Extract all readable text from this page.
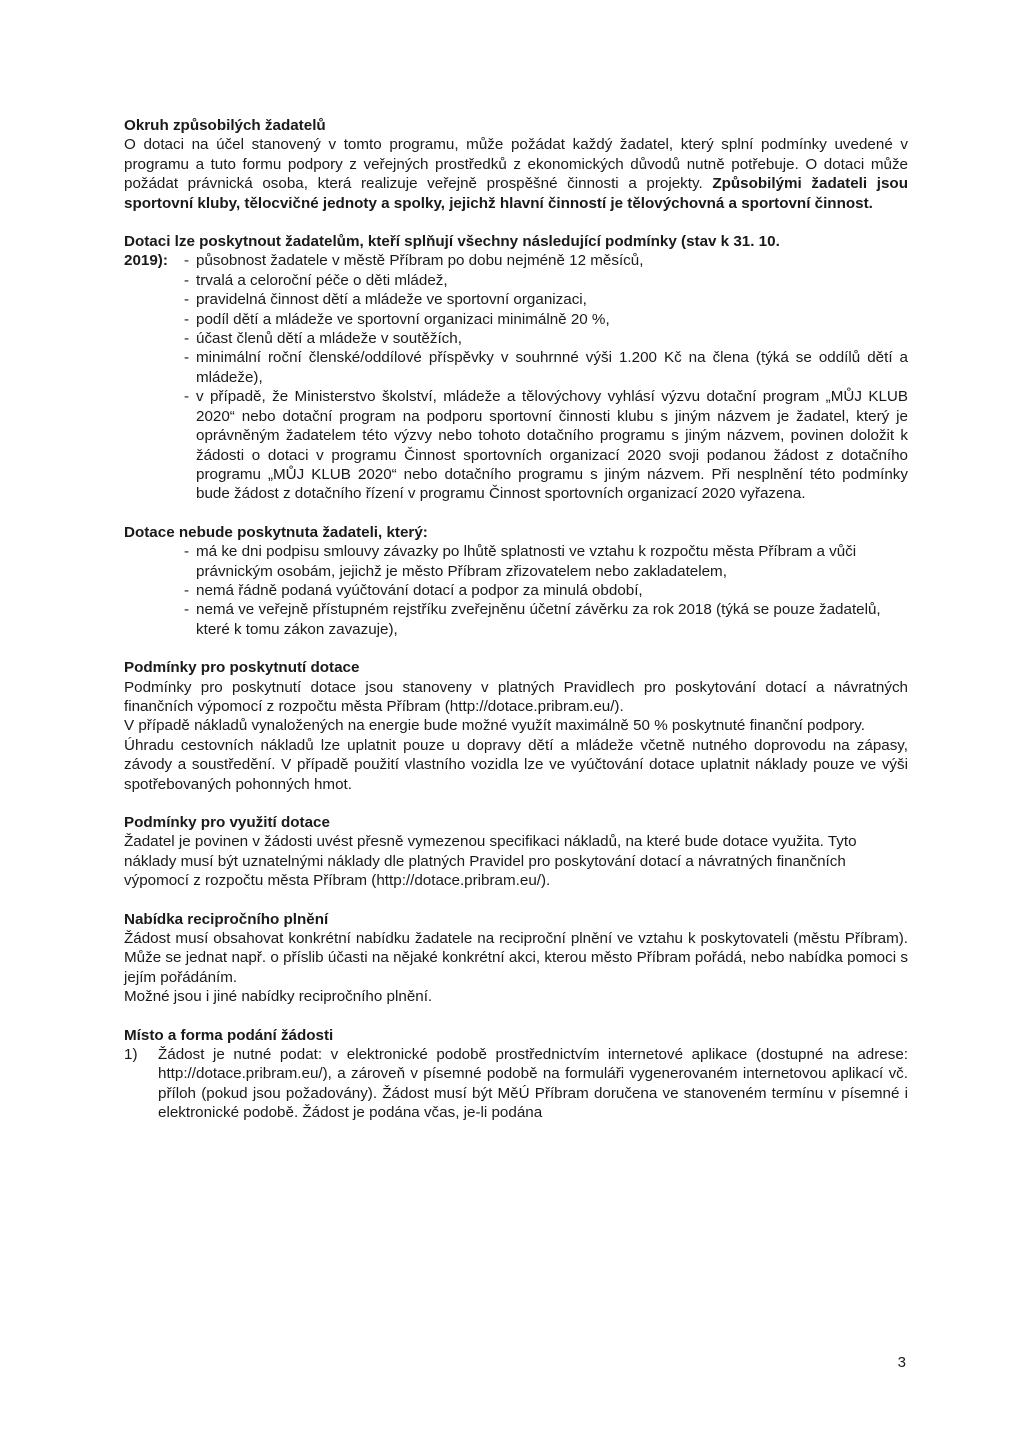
Okruh způsobilých žadatelů

O dotaci na účel stanovený v tomto programu, může požádat každý žadatel, který splní podmínky uvedené v programu a tuto formu podpory z veřejných prostředků z ekonomických důvodů nutně potřebuje. O dotaci může požádat právnická osoba, která realizuje veřejně prospěšné činnosti a projekty. Způsobilými žadateli jsou sportovní kluby, tělocvičné jednoty a spolky, jejichž hlavní činností je tělovýchovná a sportovní činnost.

Dotaci lze poskytnout žadatelům, kteří splňují všechny následující podmínky (stav k 31. 10.

2019):
-	působnost žadatele v městě Příbram po dobu nejméně 12 měsíců,
- trvalá a celoroční péče o děti mládež,
- pravidelná činnost dětí a mládeže ve sportovní organizaci,
- podíl dětí a mládeže ve sportovní organizaci minimálně 20 %,
- účast členů dětí a mládeže v soutěžích,
- minimální roční členské/oddílové příspěvky v souhrnné výši 1.200 Kč na člena (týká se oddílů dětí a mládeže),
- v případě, že Ministerstvo školství, mládeže a tělovýchovy vyhlásí výzvu dotační program „MŮJ KLUB 2020“ nebo dotační program na podporu sportovní činnosti klubu s jiným názvem je žadatel, který je oprávněným žadatelem této výzvy nebo tohoto dotačního programu s jiným názvem, povinen doložit k žádosti o dotaci v programu Činnost sportovních organizací 2020 svoji podanou žádost z dotačního programu „MŮJ KLUB 2020“ nebo dotačního programu s jiným názvem. Při nesplnění této podmínky bude žádost z dotačního řízení v programu Činnost sportovních organizací 2020 vyřazena.
Dotace nebude poskytnuta žadateli, který:
- má ke dni podpisu smlouvy závazky po lhůtě splatnosti ve vztahu k rozpočtu města Příbram a vůči právnickým osobám, jejichž je město Příbram zřizovatelem nebo zakladatelem,
- nemá řádně podaná vyúčtování dotací a podpor za minulá období,
- nemá ve veřejně přístupném rejstříku zveřejněnu účetní závěrku za rok 2018 (týká se pouze žadatelů, které k tomu zákon zavazuje),
Podmínky pro poskytnutí dotace

Podmínky pro poskytnutí dotace jsou stanoveny v platných Pravidlech pro poskytování dotací a návratných finančních výpomocí z rozpočtu města Příbram (http://dotace.pribram.eu/).

V případě nákladů vynaložených na energie bude možné využít maximálně 50 % poskytnuté finanční podpory.

Úhradu cestovních nákladů lze uplatnit pouze u dopravy dětí a mládeže včetně nutného doprovodu na zápasy, závody a soustředění. V případě použití vlastního vozidla lze ve vyúčtování dotace uplatnit náklady pouze ve výši spotřebovaných pohonných hmot.

Podmínky pro využití dotace

Žadatel je povinen v žádosti uvést přesně vymezenou specifikaci nákladů, na které bude dotace využita. Tyto náklady musí být uznatelnými náklady dle platných Pravidel pro poskytování dotací a návratných finančních výpomocí z rozpočtu města Příbram (http://dotace.pribram.eu/).

Nabídka recipročního plnění

Žádost musí obsahovat konkrétní nabídku žadatele na reciproční plnění ve vztahu k poskytovateli (městu Příbram). Může se jednat např. o příslib účasti na nějaké konkrétní akci, kterou město Příbram pořádá, nebo nabídka pomoci s jejím pořádáním.

Možné jsou i jiné nabídky recipročního plnění.

Místo a forma podání žádosti
1) Žádost je nutné podat: v elektronické podobě prostřednictvím internetové aplikace (dostupné na adrese: http://dotace.pribram.eu/), a zároveň v písemné podobě na formuláři vygenerovaném internetovou aplikací vč. příloh (pokud jsou požadovány). Žádost musí být MěÚ Příbram doručena ve stanoveném termínu v písemné i elektronické podobě. Žádost je podána včas, je-li podána
3
